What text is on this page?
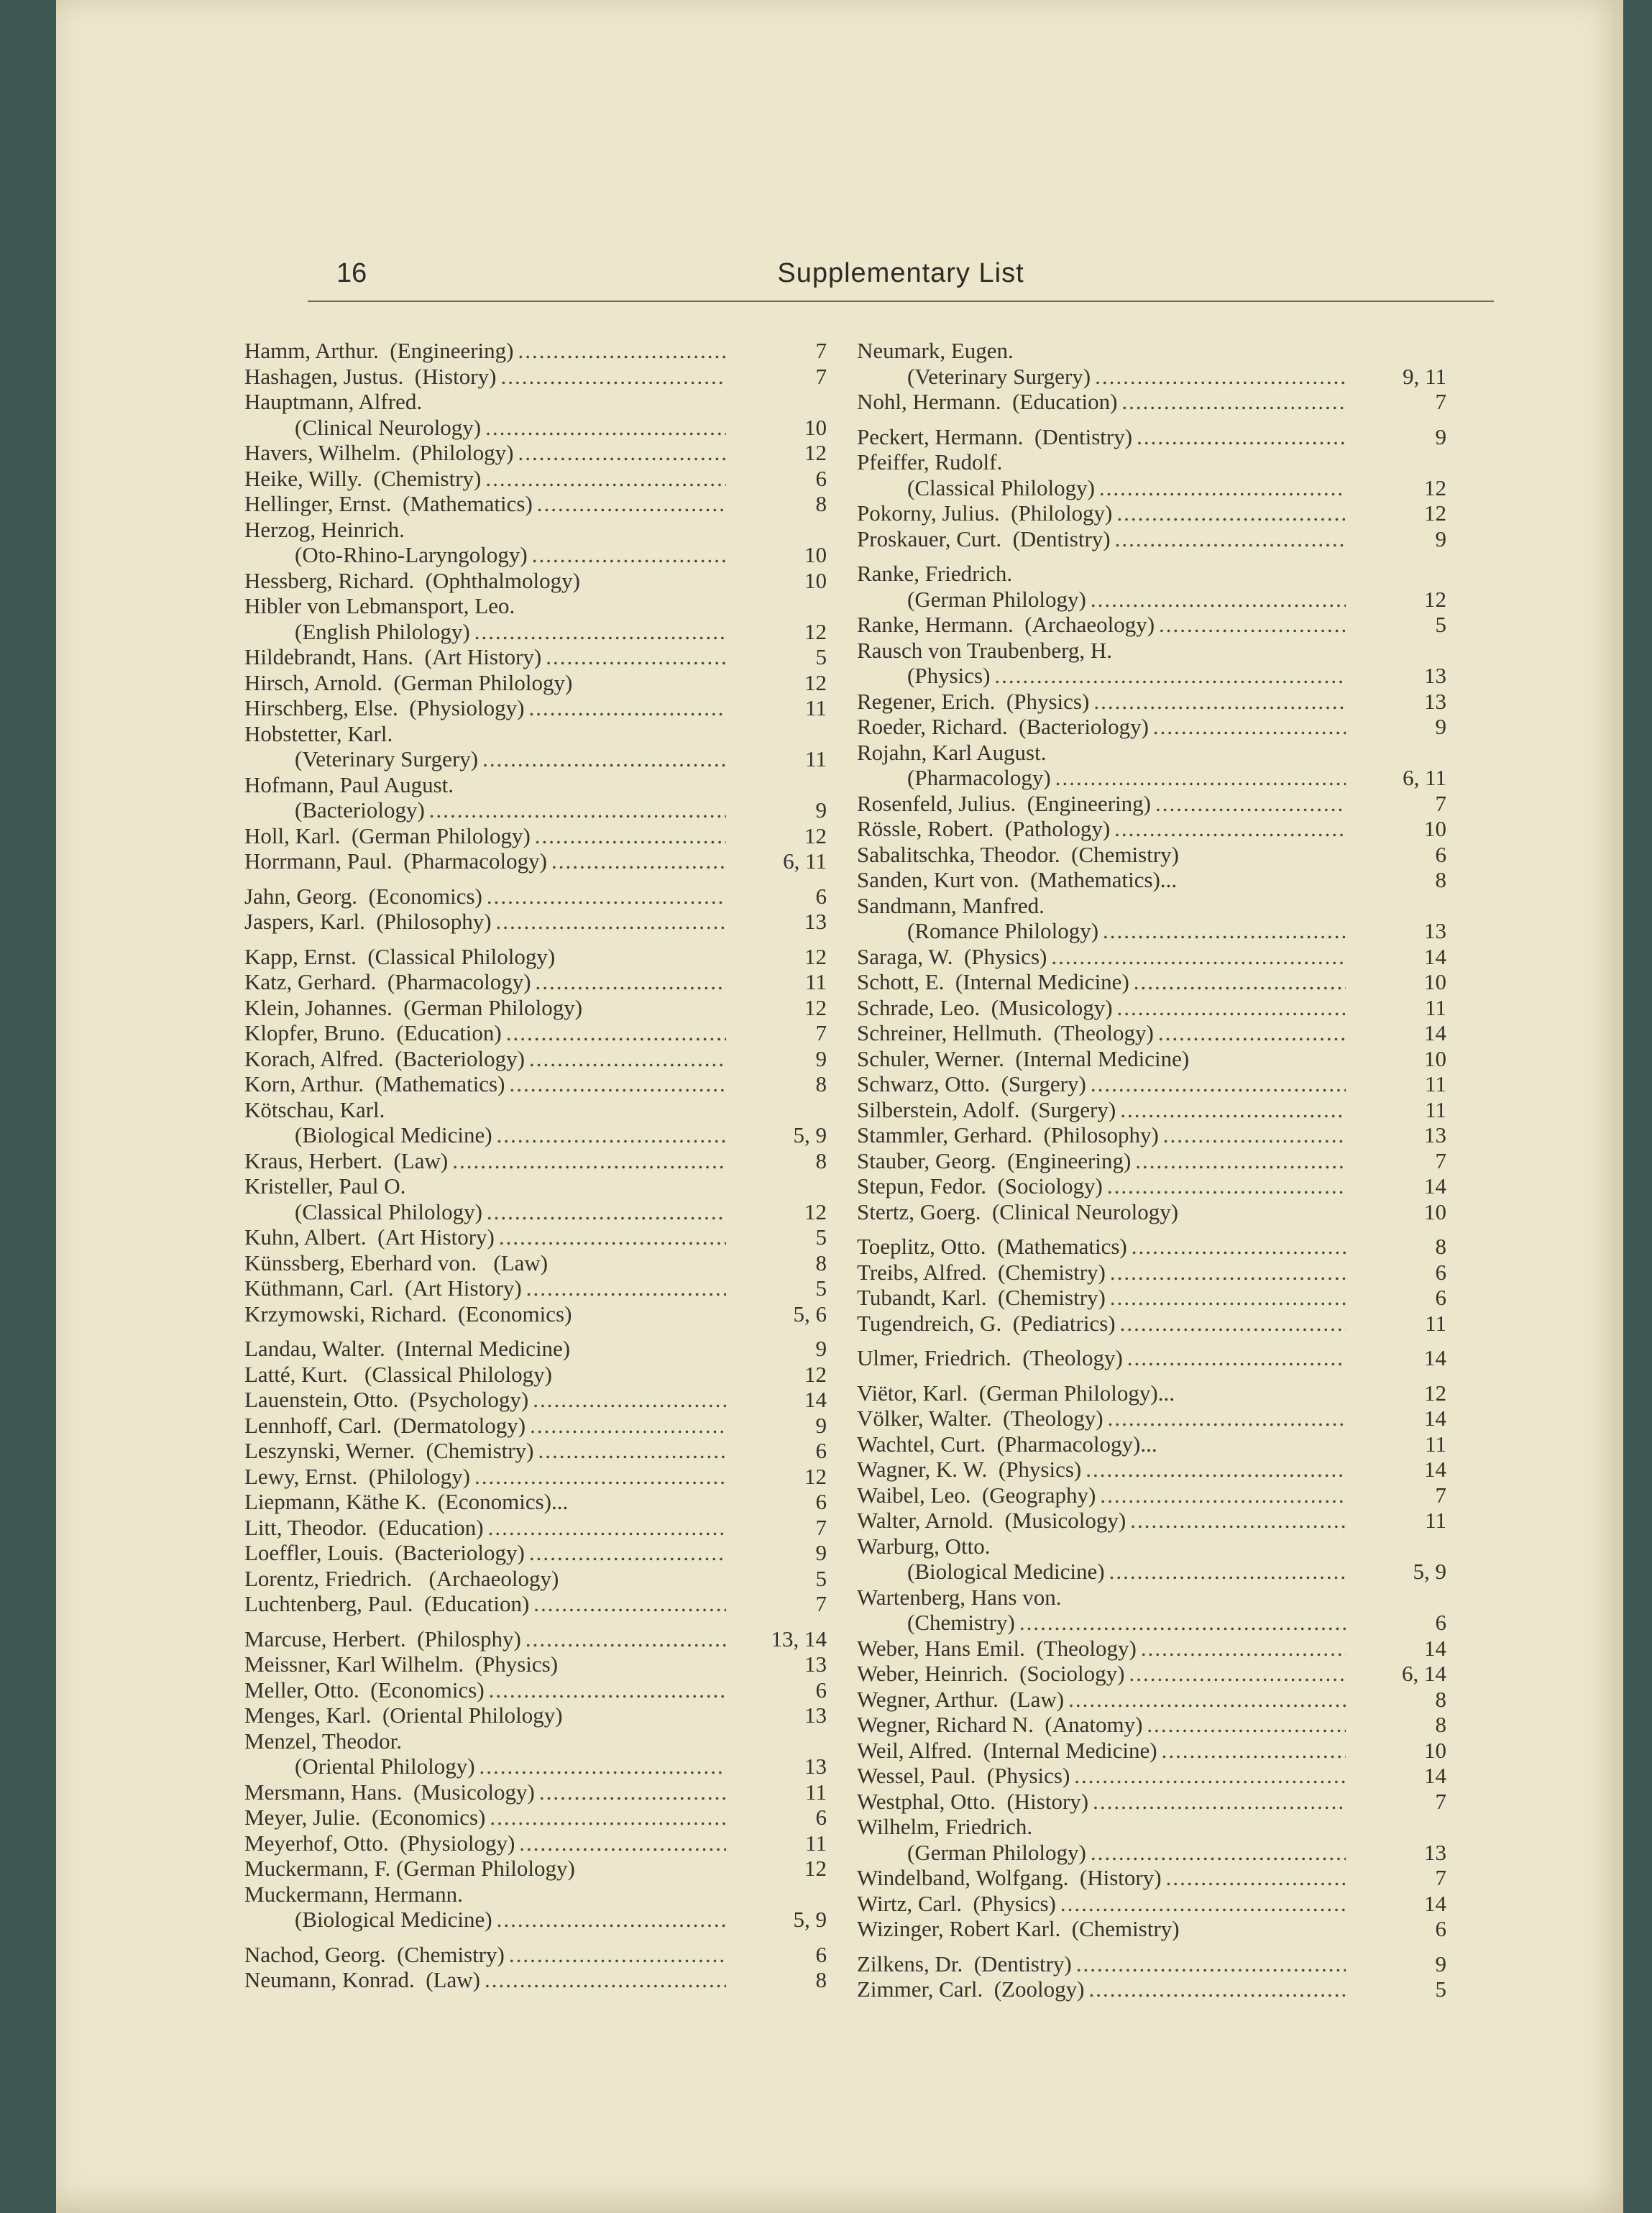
16	Supplementary List
Hamm, Arthur.  (Engineering) .....	7
Hashagen, Justus.  (History) .....	7
Hauptmann, Alfred.
(Clinical Neurology) .....	10
Havers, Wilhelm.  (Philology) .....	12
Heike, Willy.  (Chemistry) .....	6
Hellinger, Ernst.  (Mathematics) .....	8
Herzog, Heinrich.
(Oto-Rhino-Laryngology) .....	10
Hessberg, Richard.  (Ophthalmology)	10
Hibler von Lebmansport, Leo.
(English Philology) .....	12
Hildebrandt, Hans.  (Art History) .....	5
Hirsch, Arnold.  (German Philology)	12
Hirschberg, Else.  (Physiology) .....	11
Hobstetter, Karl.
(Veterinary Surgery) .....	11
Hofmann, Paul August.
(Bacteriology) .....	9
Holl, Karl.  (German Philology) .....	12
Horrmann, Paul.  (Pharmacology) .....	6, 11
Jahn, Georg.  (Economics) .....	6
Jaspers, Karl.  (Philosophy) .....	13
Kapp, Ernst.  (Classical Philology)	12
Katz, Gerhard.  (Pharmacology) .....	11
Klein, Johannes.  (German Philology)	12
Klopfer, Bruno.  (Education) .....	7
Korach, Alfred.  (Bacteriology) .....	9
Korn, Arthur.  (Mathematics) .....	8
Kötschau, Karl.
(Biological Medicine) .....	5, 9
Kraus, Herbert.  (Law) .....	8
Kristeller, Paul O.
(Classical Philology) .....	12
Kuhn, Albert.  (Art History) .....	5
Künssberg, Eberhard von.   (Law)	8
Küthmann, Carl.  (Art History) .....	5
Krzymowski, Richard.  (Economics)	5, 6
Landau, Walter.  (Internal Medicine)	9
Latté, Kurt.   (Classical Philology)	12
Lauenstein, Otto.  (Psychology) .....	14
Lennhoff, Carl.  (Dermatology) .....	9
Leszynski, Werner.  (Chemistry) .....	6
Lewy, Ernst.  (Philology) .....	12
Liepmann, Käthe K.  (Economics)...	6
Litt, Theodor.  (Education) .....	7
Loeffler, Louis.  (Bacteriology) .....	9
Lorentz, Friedrich.   (Archaeology)	5
Luchtenberg, Paul.  (Education) .....	7
Marcuse, Herbert.  (Philosphy) .....	13, 14
Meissner, Karl Wilhelm.  (Physics)	13
Meller, Otto.  (Economics) .....	6
Menges, Karl.  (Oriental Philology)	13
Menzel, Theodor.
(Oriental Philology) .....	13
Mersmann, Hans.  (Musicology) .....	11
Meyer, Julie.  (Economics) .....	6
Meyerhof, Otto.  (Physiology) .....	11
Muckermann, F. (German Philology)	12
Muckermann, Hermann.
(Biological Medicine) .....	5, 9
Nachod, Georg.  (Chemistry) .....	6
Neumann, Konrad.  (Law) .....	8
Neumark, Eugen.
(Veterinary Surgery) .....	9, 11
Nohl, Hermann.  (Education) .....	7
Peckert, Hermann.  (Dentistry) .....	9
Pfeiffer, Rudolf.
(Classical Philology) .....	12
Pokorny, Julius.  (Philology) .....	12
Proskauer, Curt.  (Dentistry) .....	9
Ranke, Friedrich.
(German Philology) .....	12
Ranke, Hermann.  (Archaeology) .....	5
Rausch von Traubenberg, H.
(Physics) .....	13
Regener, Erich.  (Physics) .....	13
Roeder, Richard.  (Bacteriology) .....	9
Rojahn, Karl August.
(Pharmacology) .....	6, 11
Rosenfeld, Julius.  (Engineering) .....	7
Rössle, Robert.  (Pathology) .....	10
Sabalitschka, Theodor.  (Chemistry)	6
Sanden, Kurt von.  (Mathematics)...	8
Sandmann, Manfred.
(Romance Philology) .....	13
Saraga, W.  (Physics) .....	14
Schott, E.  (Internal Medicine) .....	10
Schrade, Leo.  (Musicology) .....	11
Schreiner, Hellmuth.  (Theology) .....	14
Schuler, Werner.  (Internal Medicine)	10
Schwarz, Otto.  (Surgery) .....	11
Silberstein, Adolf.  (Surgery) .....	11
Stammler, Gerhard.  (Philosophy) .....	13
Stauber, Georg.  (Engineering) .....	7
Stepun, Fedor.  (Sociology) .....	14
Stertz, Goerg.  (Clinical Neurology)	10
Toeplitz, Otto.  (Mathematics) .....	8
Treibs, Alfred.  (Chemistry) .....	6
Tubandt, Karl.  (Chemistry) .....	6
Tugendreich, G.  (Pediatrics) .....	11
Ulmer, Friedrich.  (Theology) .....	14
Viëtor, Karl.  (German Philology)...	12
Völker, Walter.  (Theology) .....	14
Wachtel, Curt.  (Pharmacology)...	11
Wagner, K. W.  (Physics) .....	14
Waibel, Leo.  (Geography) .....	7
Walter, Arnold.  (Musicology) .....	11
Warburg, Otto.
(Biological Medicine) .....	5, 9
Wartenberg, Hans von.
(Chemistry) .....	6
Weber, Hans Emil.  (Theology) .....	14
Weber, Heinrich.  (Sociology) .....	6, 14
Wegner, Arthur.  (Law) .....	8
Wegner, Richard N.  (Anatomy) .....	8
Weil, Alfred.  (Internal Medicine) .....	10
Wessel, Paul.  (Physics) .....	14
Westphal, Otto.  (History) .....	7
Wilhelm, Friedrich.
(German Philology) .....	13
Windelband, Wolfgang.  (History) .....	7
Wirtz, Carl.  (Physics) .....	14
Wizinger, Robert Karl.  (Chemistry)	6
Zilkens, Dr.  (Dentistry) .....	9
Zimmer, Carl.  (Zoology) .....	5
